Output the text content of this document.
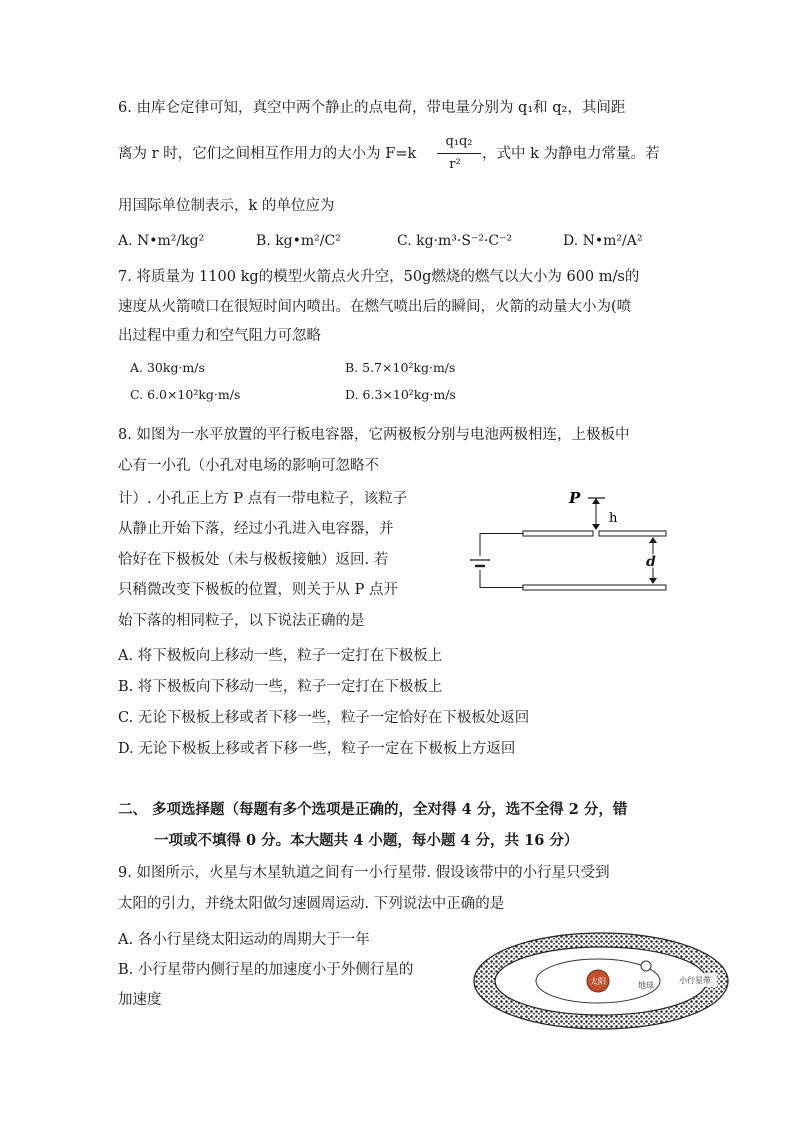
6. 由库仑定律可知，真空中两个静止的点电荷，带电量分别为 q₁和 q₂，其间距
离为 r 时，它们之间相互作用力的大小为 F=k
q₁q₂
r²
，式中 k 为静电力常量。若
用国际单位制表示，k 的单位应为
A. N•m²/kg²	B. kg•m²/C²	C. kg·m³·S⁻²·C⁻²	D. N•m²/A²
7. 将质量为 1100 kg的模型火箭点火升空，50g燃烧的燃气以大小为 600 m/s的
速度从火箭喷口在很短时间内喷出。在燃气喷出后的瞬间，火箭的动量大小为(喷
出过程中重力和空气阻力可忽略
A. 30kg·m/s	B. 5.7×10²kg·m/s
C. 6.0×10²kg·m/s	D. 6.3×10²kg·m/s
8. 如图为一水平放置的平行板电容器，它两极板分别与电池两极相连，上极板中
心有一小孔（小孔对电场的影响可忽略不
计）. 小孔正上方 P 点有一带电粒子，该粒子
从静止开始下落，经过小孔进入电容器，并
恰好在下极板处（未与极板接触）返回. 若
只稍微改变下极板的位置，则关于从 P 点开
始下落的相同粒子，以下说法正确的是
A. 将下极板向上移动一些，粒子一定打在下极板上
B. 将下极板向下移动一些，粒子一定打在下极板上
C. 无论下极板上移或者下移一些，粒子一定恰好在下极板处返回
D. 无论下极板上移或者下移一些，粒子一定在下极板上方返回
P
h
d
二、 多项选择题（每题有多个选项是正确的，全对得 4 分，选不全得 2 分，错
一项或不填得 0 分。本大题共 4 小题，每小题 4 分，共 16 分）
9. 如图所示，火星与木星轨道之间有一小行星带. 假设该带中的小行星只受到
太阳的引力，并绕太阳做匀速圆周运动. 下列说法中正确的是
A. 各小行星绕太阳运动的周期大于一年
B. 小行星带内侧行星的加速度小于外侧行星的
加速度
太阳	地球
小行星带
